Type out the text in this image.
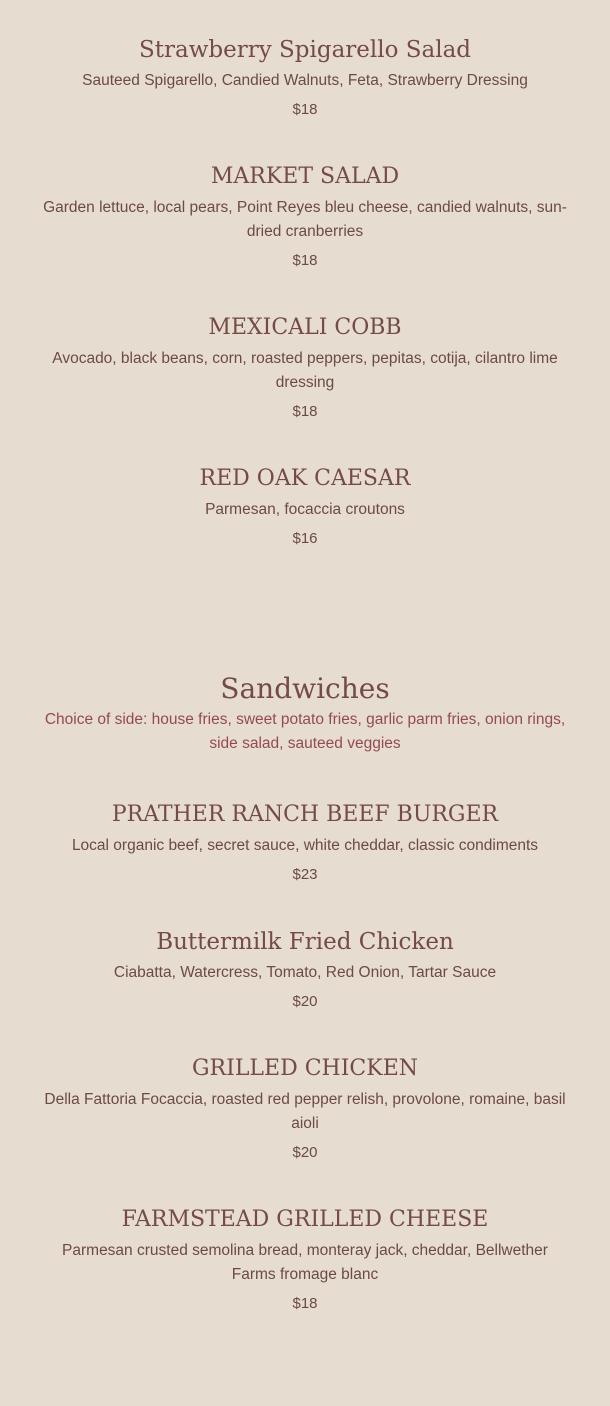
Strawberry Spigarello Salad
Sauteed Spigarello, Candied Walnuts, Feta, Strawberry Dressing
$18
MARKET SALAD
Garden lettuce, local pears, Point Reyes bleu cheese, candied walnuts, sun-dried cranberries
$18
MEXICALI COBB
Avocado, black beans, corn, roasted peppers, pepitas, cotija, cilantro lime dressing
$18
RED OAK CAESAR
Parmesan, focaccia croutons
$16
Sandwiches
Choice of side: house fries, sweet potato fries, garlic parm fries, onion rings, side salad, sauteed veggies
PRATHER RANCH BEEF BURGER
Local organic beef, secret sauce, white cheddar, classic condiments
$23
Buttermilk Fried Chicken
Ciabatta, Watercress, Tomato, Red Onion, Tartar Sauce
$20
GRILLED CHICKEN
Della Fattoria Focaccia, roasted red pepper relish, provolone, romaine, basil aioli
$20
FARMSTEAD GRILLED CHEESE
Parmesan crusted semolina bread, monteray jack, cheddar, Bellwether Farms fromage blanc
$18
